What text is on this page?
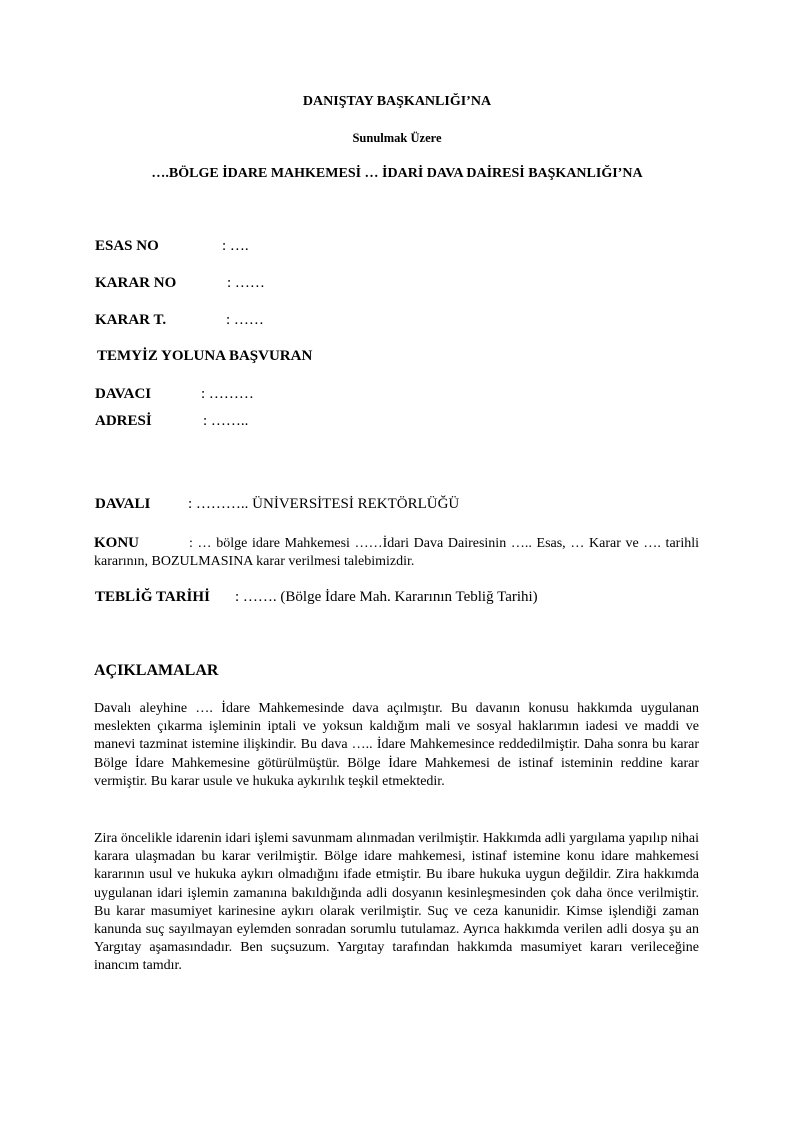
DANIŞTAY BAŞKANLIĞI’NA
Sunulmak Üzere
….BÖLGE İDARE MAHKEMESİ … İDARİ DAVA DAİRESİ BAŞKANLIĞI’NA
ESAS NO	: ….
KARAR NO	: ……
KARAR T.	: ……
TEMYİZ YOLUNA BAŞVURAN
DAVACI	: ………
ADRESİ	: ……..
DAVALI	: ……….. ÜNİVERSİTESİ REKTÖRLÜĞÜ

KONU	: … bölge idare Mahkemesi ……İdari Dava Dairesinin ….. Esas, … Karar ve …. tarihli kararının, BOZULMASINA karar verilmesi talebimizdir.

TEBLİĞ TARİHİ : ……. (Bölge İdare Mah. Kararının Tebliğ Tarihi)
AÇIKLAMALAR

Davalı aleyhine …. İdare Mahkemesinde dava açılmıştır. Bu davanın konusu hakkımda uygulanan meslekten çıkarma işleminin iptali ve yoksun kaldığım mali ve sosyal haklarımın iadesi ve maddi ve manevi tazminat istemine ilişkindir. Bu dava ….. İdare Mahkemesince reddedilmiştir. Daha sonra bu karar Bölge İdare Mahkemesine götürülmüştür. Bölge İdare Mahkemesi de istinaf isteminin reddine karar vermiştir. Bu karar usule ve hukuka aykırılık teşkil etmektedir.

Zira öncelikle idarenin idari işlemi savunmam alınmadan verilmiştir. Hakkımda adli yargılama yapılıp nihai karara ulaşmadan bu karar verilmiştir. Bölge idare mahkemesi, istinaf istemine konu idare mahkemesi kararının usul ve hukuka aykırı olmadığını ifade etmiştir. Bu ibare hukuka uygun değildir. Zira hakkımda uygulanan idari işlemin zamanına bakıldığında adli dosyanın kesinleşmesinden çok daha önce verilmiştir. Bu karar masumiyet karinesine aykırı olarak verilmiştir. Suç ve ceza kanunidir. Kimse işlendiği zaman kanunda suç sayılmayan eylemden sonradan sorumlu tutulamaz. Ayrıca hakkımda verilen adli dosya şu an Yargıtay aşamasındadır. Ben suçsuzum. Yargıtay tarafından hakkımda masumiyet kararı verileceğine inancım tamdır.
